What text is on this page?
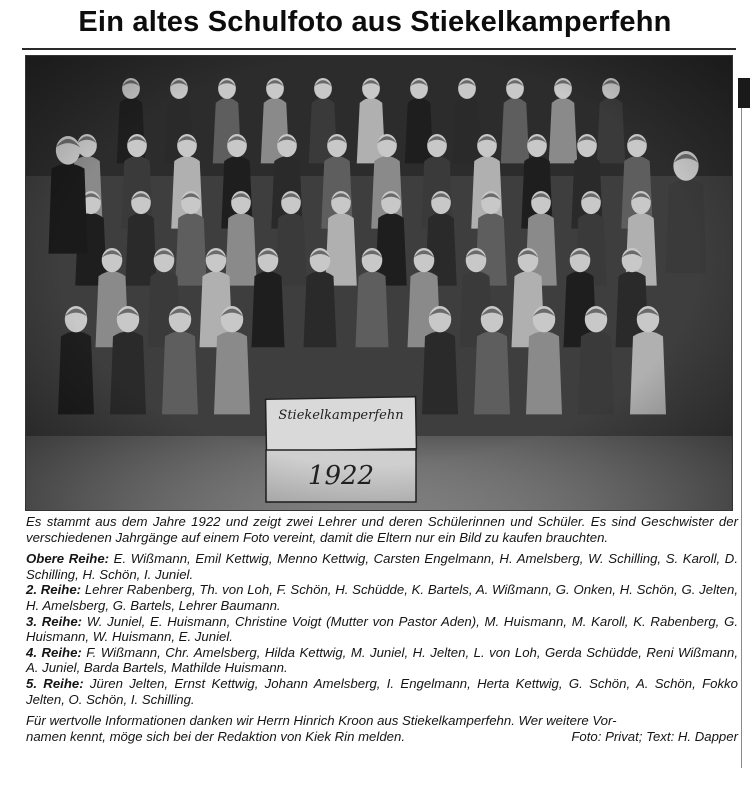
Ein altes Schulfoto aus Stiekelkamperfehn

Es stammt aus dem Jahre 1922 und zeigt zwei Lehrer und deren Schülerinnen und Schüler. Es sind Geschwister der verschiedenen Jahrgänge auf einem Foto vereint, damit die Eltern nur ein Bild zu kaufen brauchten.

Obere Reihe: E. Wißmann, Emil Kettwig, Menno Kettwig, Carsten Engelmann, H. Amelsberg, W. Schilling, S. Karoll, D. Schilling, H. Schön, I. Juniel.

2. Reihe: Lehrer Rabenberg, Th. von Loh, F. Schön, H. Schüdde, K. Bartels, A. Wißmann, G. Onken, H. Schön, G. Jelten, H. Amelsberg, G. Bartels, Lehrer Baumann.

3. Reihe: W. Juniel, E. Huismann, Christine Voigt (Mutter von Pastor Aden), M. Huismann, M. Karoll, K. Rabenberg, G. Huismann, W. Huismann, E. Juniel.

4. Reihe: F. Wißmann, Chr. Amelsberg, Hilda Kettwig, M. Juniel, H. Jelten, L. von Loh, Gerda Schüdde, Reni Wißmann, A. Juniel, Barda Bartels, Mathilde Huismann.

5. Reihe: Jüren Jelten, Ernst Kettwig, Johann Amelsberg, I. Engelmann, Herta Kettwig, G. Schön, A. Schön, Fokko Jelten, O. Schön, I. Schilling.

Für wertvolle Informationen danken wir Herrn Hinrich Kroon aus Stiekelkamperfehn. Wer weitere Vor-
namen kennt, möge sich bei der Redaktion von Kiek Rin melden.	Foto: Privat; Text: H. Dapper
